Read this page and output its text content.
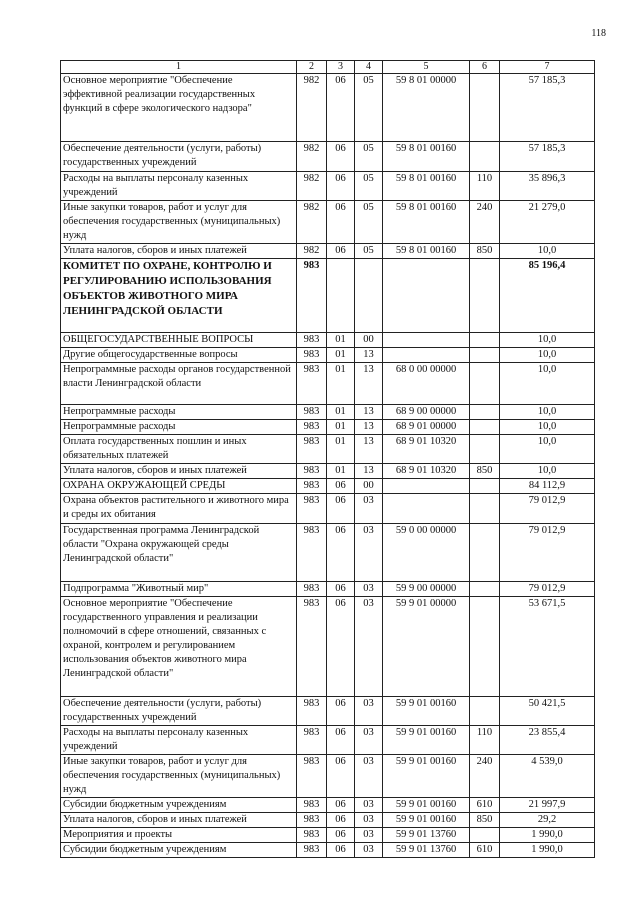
118
1	2	3	4	5	6	7
Основное мероприятие "Обеспечение эффективной реализации государственных функций в сфере экологического надзора"	982	06	05	59 8 01 00000		57 185,3
Обеспечение деятельности (услуги, работы) государственных учреждений	982	06	05	59 8 01 00160		57 185,3
Расходы на выплаты персоналу казенных учреждений	982	06	05	59 8 01 00160	110	35 896,3
Иные закупки товаров, работ и услуг для обеспечения государственных (муниципальных) нужд	982	06	05	59 8 01 00160	240	21 279,0
Уплата налогов, сборов и иных платежей	982	06	05	59 8 01 00160	850	10,0
КОМИТЕТ ПО ОХРАНЕ, КОНТРОЛЮ И РЕГУЛИРОВАНИЮ ИСПОЛЬЗОВАНИЯ ОБЪЕКТОВ ЖИВОТНОГО МИРА ЛЕНИНГРАДСКОЙ ОБЛАСТИ	983					85 196,4
ОБЩЕГОСУДАРСТВЕННЫЕ ВОПРОСЫ	983	01	00			10,0
Другие общегосударственные вопросы	983	01	13			10,0
Непрограммные расходы органов государственной власти Ленинградской области	983	01	13	68 0 00 00000		10,0
Непрограммные расходы	983	01	13	68 9 00 00000		10,0
Непрограммные расходы	983	01	13	68 9 01 00000		10,0
Оплата государственных пошлин и иных обязательных платежей	983	01	13	68 9 01 10320		10,0
Уплата налогов, сборов и иных платежей	983	01	13	68 9 01 10320	850	10,0
ОХРАНА ОКРУЖАЮЩЕЙ СРЕДЫ	983	06	00			84 112,9
Охрана объектов растительного и животного мира и среды их обитания	983	06	03			79 012,9
Государственная программа Ленинградской области "Охрана окружающей среды Ленинградской области"	983	06	03	59 0 00 00000		79 012,9
Подпрограмма "Животный мир"	983	06	03	59 9 00 00000		79 012,9
Основное мероприятие "Обеспечение государственного управления и реализации полномочий в сфере отношений, связанных с охраной, контролем и регулированием использования объектов животного мира Ленинградской области"	983	06	03	59 9 01 00000		53 671,5
Обеспечение деятельности (услуги, работы) государственных учреждений	983	06	03	59 9 01 00160		50 421,5
Расходы на выплаты персоналу казенных учреждений	983	06	03	59 9 01 00160	110	23 855,4
Иные закупки товаров, работ и услуг для обеспечения государственных (муниципальных) нужд	983	06	03	59 9 01 00160	240	4 539,0
Субсидии бюджетным учреждениям	983	06	03	59 9 01 00160	610	21 997,9
Уплата налогов, сборов и иных платежей	983	06	03	59 9 01 00160	850	29,2
Мероприятия и проекты	983	06	03	59 9 01 13760		1 990,0
Субсидии бюджетным учреждениям	983	06	03	59 9 01 13760	610	1 990,0
